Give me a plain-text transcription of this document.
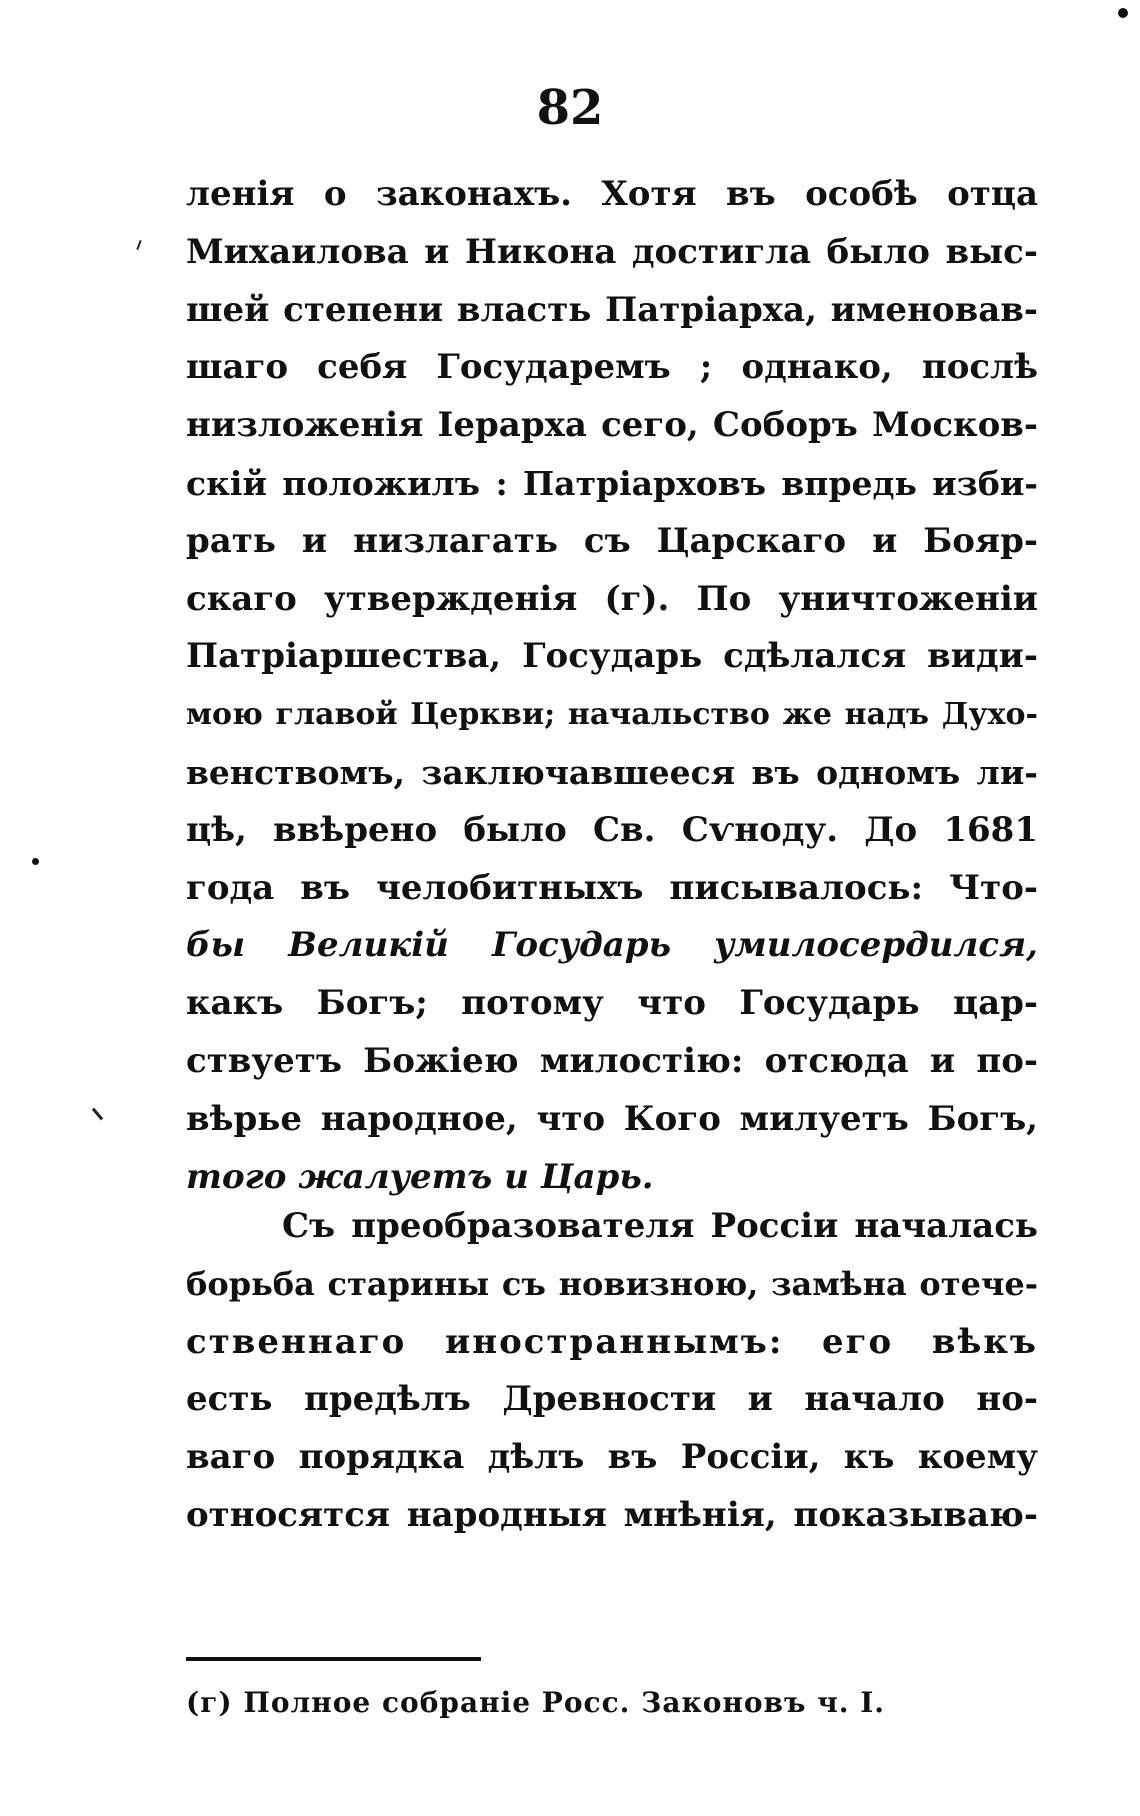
82
ленія о законахъ. Хотя въ особѣ отца
Михаилова и Никона достигла было выс-
шей степени власть Патріарха, именовав-
шаго себя Государемъ ; однако, послѣ
низложенія Іерарха сего, Соборъ Москов-
скій положилъ : Патріарховъ впредь изби-
рать и низлагать съ Царскаго и Бояр-
скаго утвержденія (г). По уничтоженіи
Патріаршества, Государь сдѣлался види-
мою главой Церкви; начальство же надъ Духо-
венствомъ, заключавшееся въ одномъ ли-
цѣ, ввѣрено было Св. Сѵноду. До 1681
года въ челобитныхъ писывалось: Что-
бы Великій Государь умилосердился,
какъ Богъ; потому что Государь цар-
ствуетъ Божіею милостію: отсюда и по-
вѣрье народное, что Кого милуетъ Богъ,
того жалуетъ и Царь.
Съ преобразователя Россіи началась
борьба старины съ новизною, замѣна отече-
ственнаго иностраннымъ: его вѣкъ
есть предѣлъ Древности и начало но-
ваго порядка дѣлъ въ Россіи, къ коему
относятся народныя мнѣнія, показываю-
(г) Полное собраніе Росс. Законовъ ч. I.
